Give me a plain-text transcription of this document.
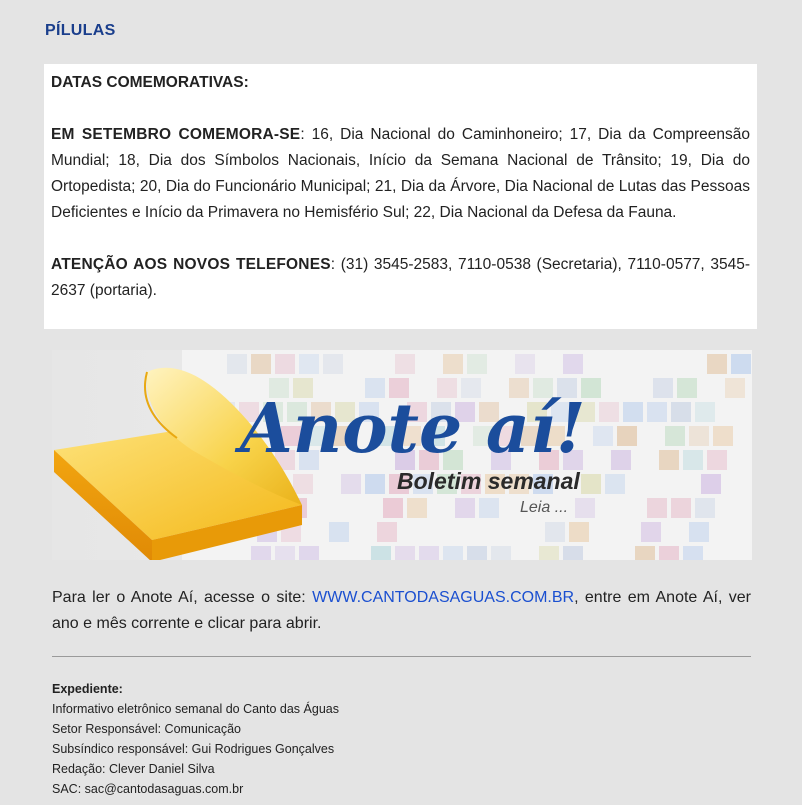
PÍLULAS

DATAS COMEMORATIVAS:

EM SETEMBRO COMEMORA-SE: 16, Dia Nacional do Caminhoneiro; 17, Dia da Compreensão Mundial; 18, Dia dos Símbolos Nacionais, Início da Semana Nacional de Trânsito; 19, Dia do Ortopedista; 20, Dia do Funcionário Municipal; 21, Dia da Árvore, Dia Nacional de Lutas das Pessoas Deficientes e Início da Primavera no Hemisfério Sul; 22, Dia Nacional da Defesa da Fauna.

ATENÇÃO AOS NOVOS TELEFONES: (31) 3545-2583, 7110-0538 (Secretaria), 7110-0577, 3545-2637 (portaria).

Anote aí!
Boletim semanal
Leia ...

Para ler o Anote Aí, acesse o site: WWW.CANTODASAGUAS.COM.BR, entre em Anote Aí, ver ano e mês corrente e clicar para abrir.

Expediente:
Informativo eletrônico semanal do Canto das Águas
Setor Responsável: Comunicação
Subsíndico responsável: Gui Rodrigues Gonçalves
Redação: Clever Daniel Silva
SAC: sac@cantodasaguas.com.br
